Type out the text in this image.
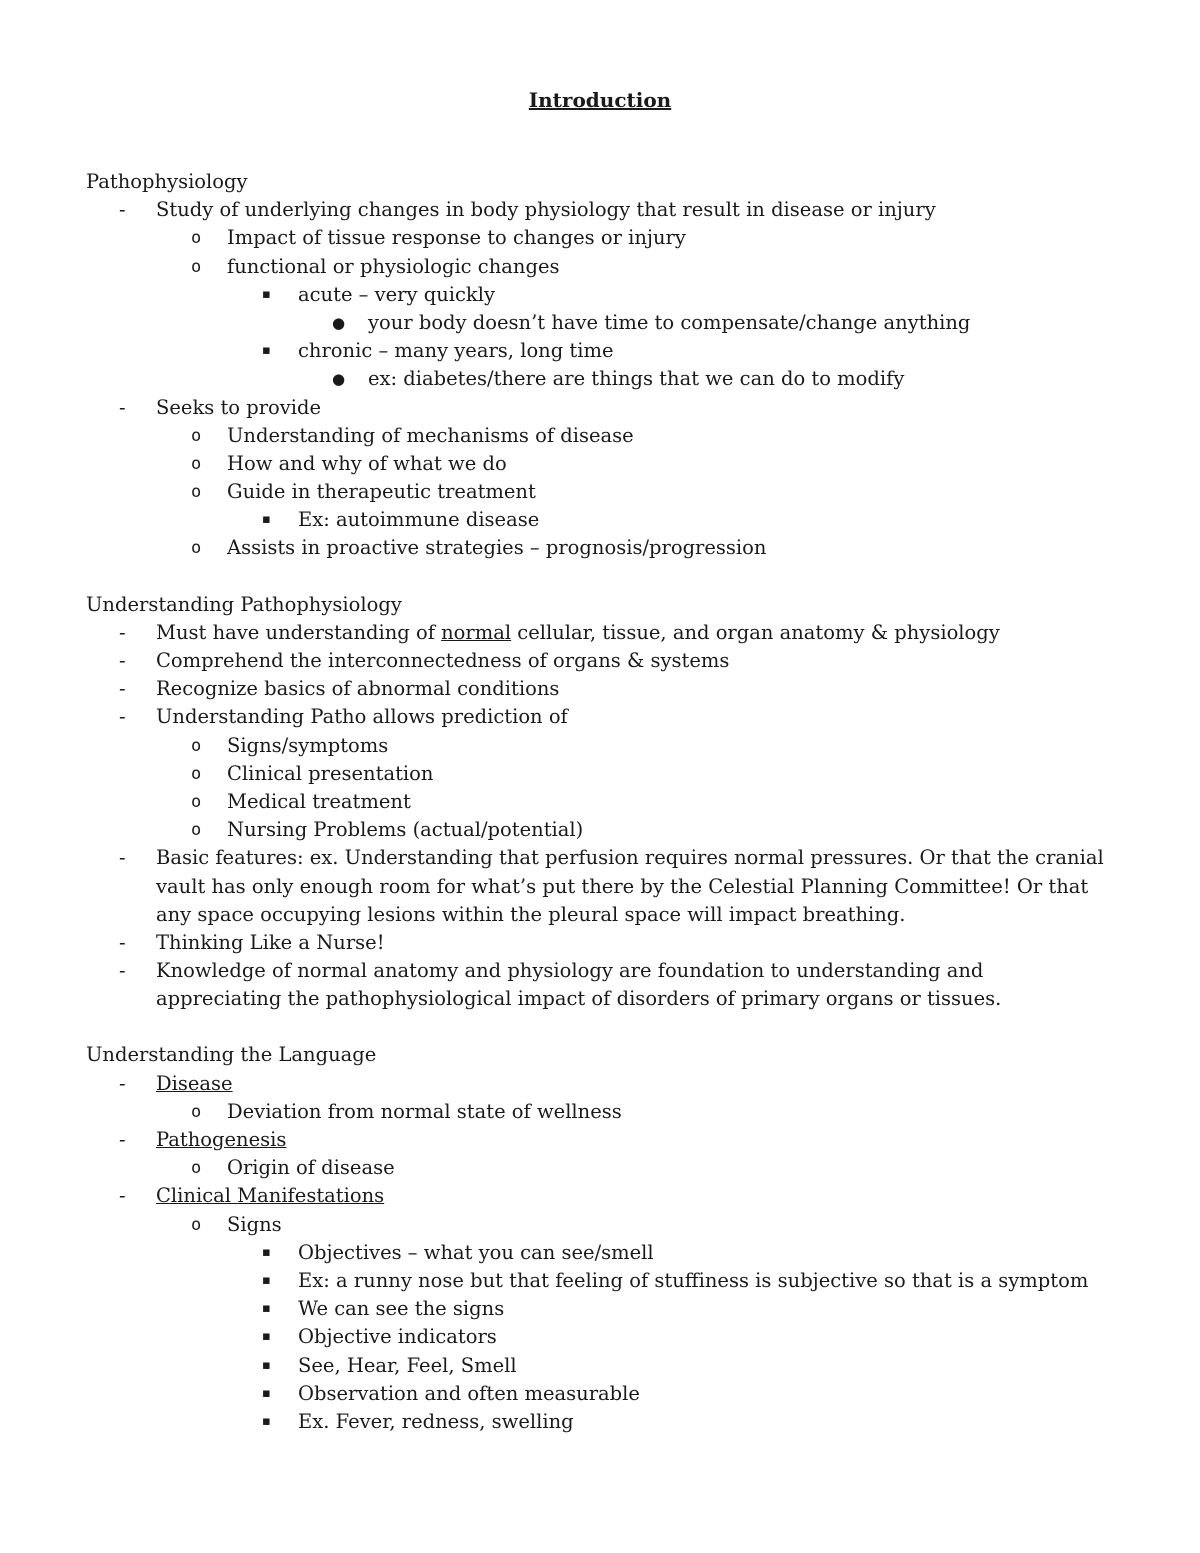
Introduction
Pathophysiology
- Study of underlying changes in body physiology that result in disease or injury
o Impact of tissue response to changes or injury
o functional or physiologic changes
▪ acute – very quickly
● your body doesn’t have time to compensate/change anything
▪ chronic – many years, long time
● ex: diabetes/there are things that we can do to modify
- Seeks to provide
o Understanding of mechanisms of disease
o How and why of what we do
o Guide in therapeutic treatment
▪ Ex: autoimmune disease
o Assists in proactive strategies – prognosis/progression
Understanding Pathophysiology
- Must have understanding of normal cellular, tissue, and organ anatomy & physiology
- Comprehend the interconnectedness of organs & systems
- Recognize basics of abnormal conditions
- Understanding Patho allows prediction of
o Signs/symptoms
o Clinical presentation
o Medical treatment
o Nursing Problems (actual/potential)
- Basic features: ex. Understanding that perfusion requires normal pressures. Or that the cranial
vault has only enough room for what’s put there by the Celestial Planning Committee! Or that
any space occupying lesions within the pleural space will impact breathing.
- Thinking Like a Nurse!
- Knowledge of normal anatomy and physiology are foundation to understanding and
appreciating the pathophysiological impact of disorders of primary organs or tissues.
Understanding the Language
- Disease
o Deviation from normal state of wellness
- Pathogenesis
o Origin of disease
- Clinical Manifestations
o Signs
▪ Objectives – what you can see/smell
▪ Ex: a runny nose but that feeling of stuffiness is subjective so that is a symptom
▪ We can see the signs
▪ Objective indicators
▪ See, Hear, Feel, Smell
▪ Observation and often measurable
▪ Ex. Fever, redness, swelling
